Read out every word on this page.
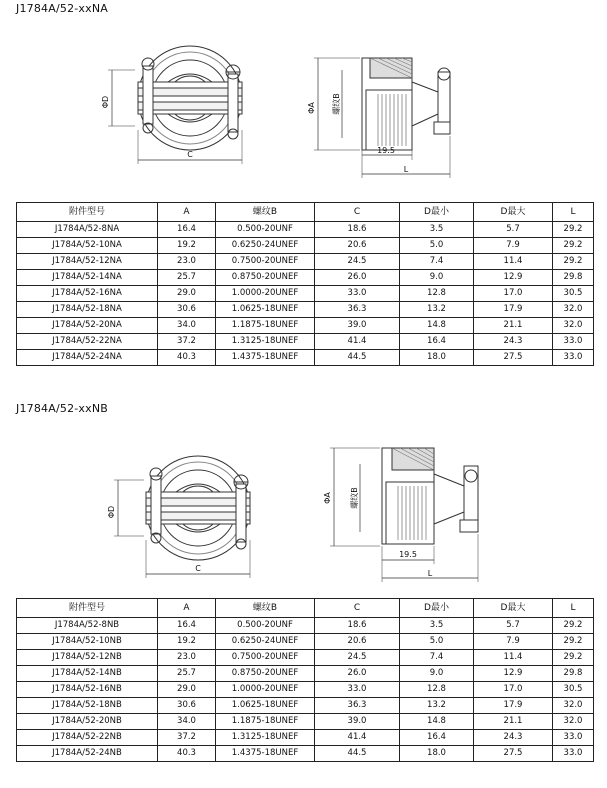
J1784A/52-xxNA
ΦD
C
ΦA 螺纹B
19.5
L
附件型号	A	螺纹B	C	D最小	D最大	L
J1784A/52-8NA	16.4	0.500-20UNF	18.6	3.5	5.7	29.2
J1784A/52-10NA	19.2	0.6250-24UNEF	20.6	5.0	7.9	29.2
J1784A/52-12NA	23.0	0.7500-20UNEF	24.5	7.4	11.4	29.2
J1784A/52-14NA	25.7	0.8750-20UNEF	26.0	9.0	12.9	29.8
J1784A/52-16NA	29.0	1.0000-20UNEF	33.0	12.8	17.0	30.5
J1784A/52-18NA	30.6	1.0625-18UNEF	36.3	13.2	17.9	32.0
J1784A/52-20NA	34.0	1.1875-18UNEF	39.0	14.8	21.1	32.0
J1784A/52-22NA	37.2	1.3125-18UNEF	41.4	16.4	24.3	33.0
J1784A/52-24NA	40.3	1.4375-18UNEF	44.5	18.0	27.5	33.0
J1784A/52-xxNB
ΦD
C
ΦA 螺纹B
19.5
L
附件型号	A	螺纹B	C	D最小	D最大	L
J1784A/52-8NB	16.4	0.500-20UNF	18.6	3.5	5.7	29.2
J1784A/52-10NB	19.2	0.6250-24UNEF	20.6	5.0	7.9	29.2
J1784A/52-12NB	23.0	0.7500-20UNEF	24.5	7.4	11.4	29.2
J1784A/52-14NB	25.7	0.8750-20UNEF	26.0	9.0	12.9	29.8
J1784A/52-16NB	29.0	1.0000-20UNEF	33.0	12.8	17.0	30.5
J1784A/52-18NB	30.6	1.0625-18UNEF	36.3	13.2	17.9	32.0
J1784A/52-20NB	34.0	1.1875-18UNEF	39.0	14.8	21.1	32.0
J1784A/52-22NB	37.2	1.3125-18UNEF	41.4	16.4	24.3	33.0
J1784A/52-24NB	40.3	1.4375-18UNEF	44.5	18.0	27.5	33.0
